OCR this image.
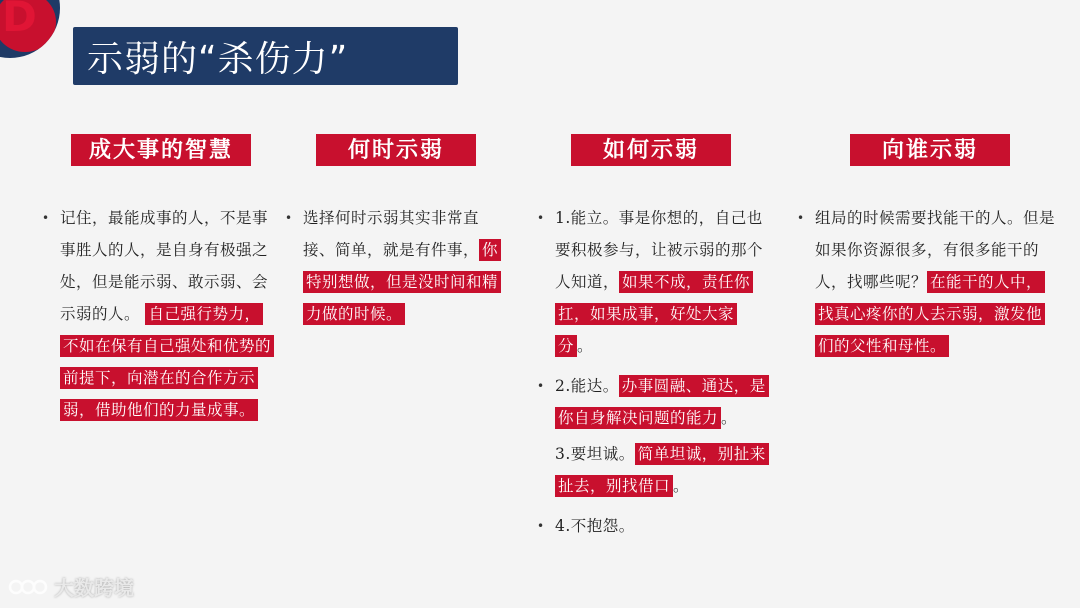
D
示弱的“杀伤力”
成大事的智慧

• 记住，最能成事的人，不是事事胜人的人，是自身有极强之处，但是能示弱、敢示弱、会示弱的人。 自己强行势力，不如在保有自己强处和优势的前提下，向潜在的合作方示弱，借助他们的力量成事。

何时示弱

• 选择何时示弱其实非常直接、简单，就是有件事， 你特别想做，但是没时间和精力做的时候。

如何示弱

• 1.能立。事是你想的，自己也要积极参与，让被示弱的那个人知道， 如果不成，责任你扛，如果成事，好处大家分 。

• 2.能达。 办事圆融、通达，是你自身解决问题的能力 。

3.要坦诚。 简单坦诚，别扯来扯去，别找借口 。

• 4.不抱怨。

向谁示弱

• 组局的时候需要找能干的人。但是如果你资源很多，有很多能干的人，找哪些呢？ 在能干的人中，找真心疼你的人去示弱，激发他们的父性和母性。

大数跨境
